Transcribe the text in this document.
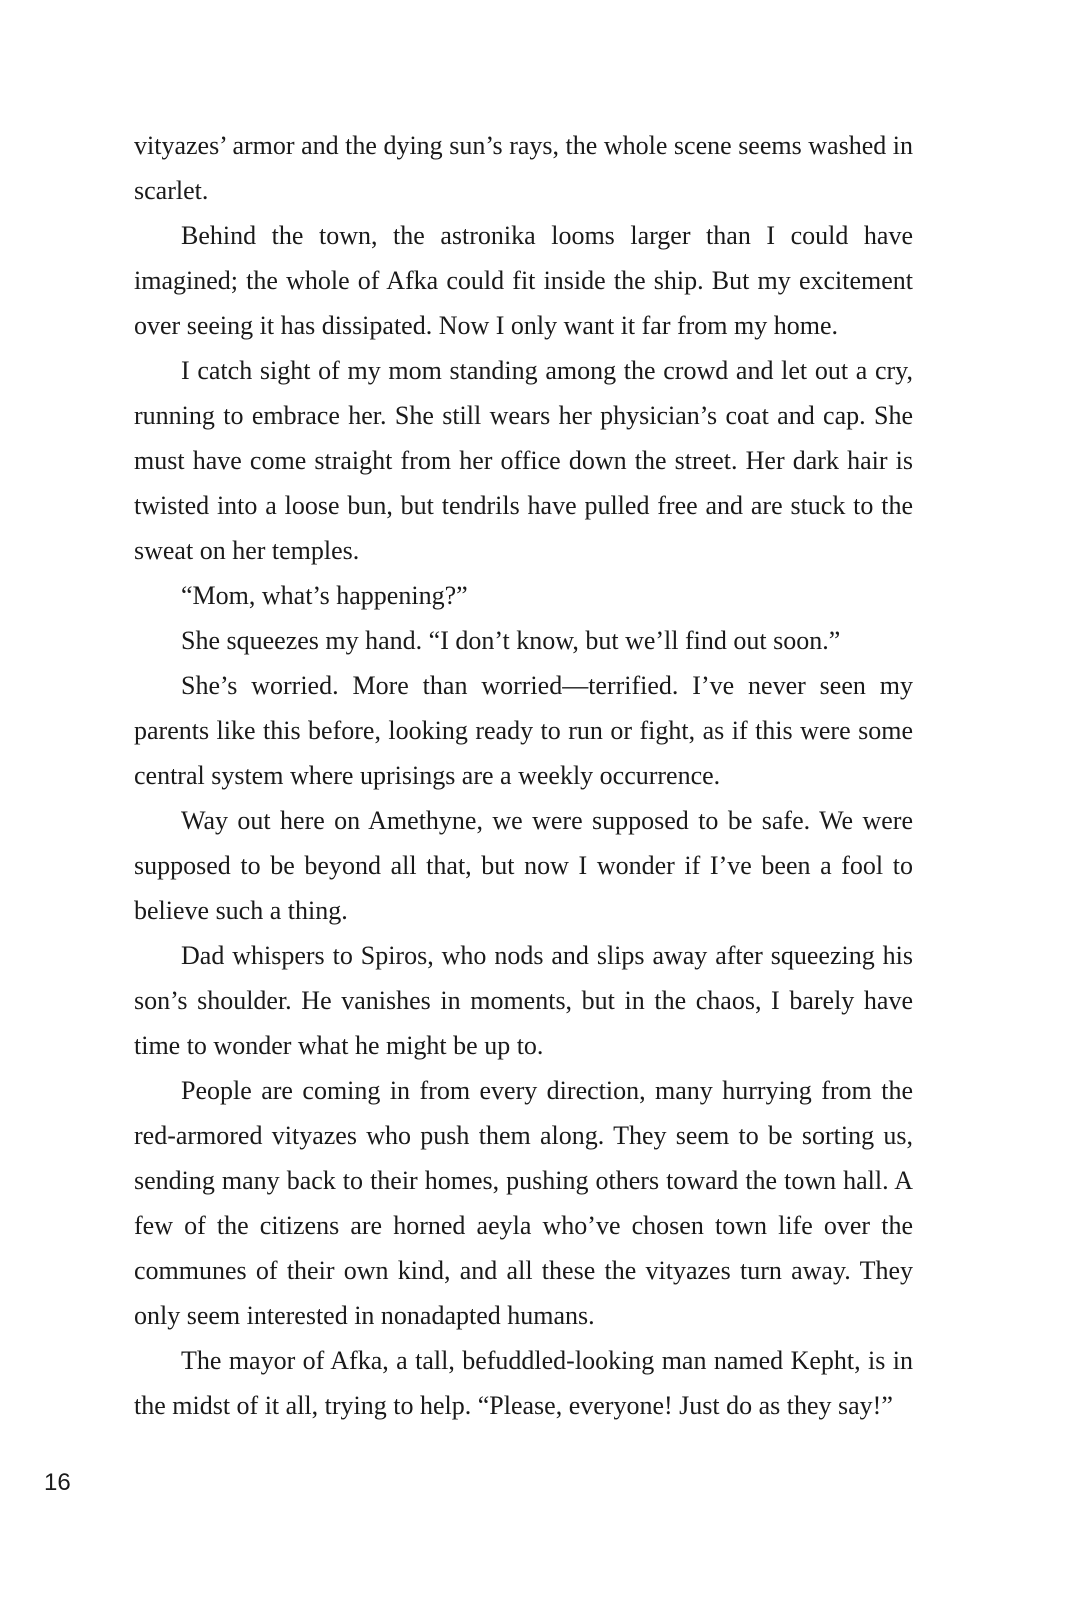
vityazes’ armor and the dying sun’s rays, the whole scene seems washed in scarlet.

Behind the town, the astronika looms larger than I could have imagined; the whole of Afka could fit inside the ship. But my excitement over seeing it has dissipated. Now I only want it far from my home.

I catch sight of my mom standing among the crowd and let out a cry, running to embrace her. She still wears her physician’s coat and cap. She must have come straight from her office down the street. Her dark hair is twisted into a loose bun, but tendrils have pulled free and are stuck to the sweat on her temples.

“Mom, what’s happening?”

She squeezes my hand. “I don’t know, but we’ll find out soon.”

She’s worried. More than worried—terrified. I’ve never seen my parents like this before, looking ready to run or fight, as if this were some central system where uprisings are a weekly occurrence.

Way out here on Amethyne, we were supposed to be safe. We were supposed to be beyond all that, but now I wonder if I’ve been a fool to believe such a thing.

Dad whispers to Spiros, who nods and slips away after squeezing his son’s shoulder. He vanishes in moments, but in the chaos, I barely have time to wonder what he might be up to.

People are coming in from every direction, many hurrying from the red-armored vityazes who push them along. They seem to be sorting us, sending many back to their homes, pushing others toward the town hall. A few of the citizens are horned aeyla who’ve chosen town life over the communes of their own kind, and all these the vityazes turn away. They only seem interested in nonadapted humans.

The mayor of Afka, a tall, befuddled-looking man named Kepht, is in the midst of it all, trying to help. “Please, everyone! Just do as they say!”

16
